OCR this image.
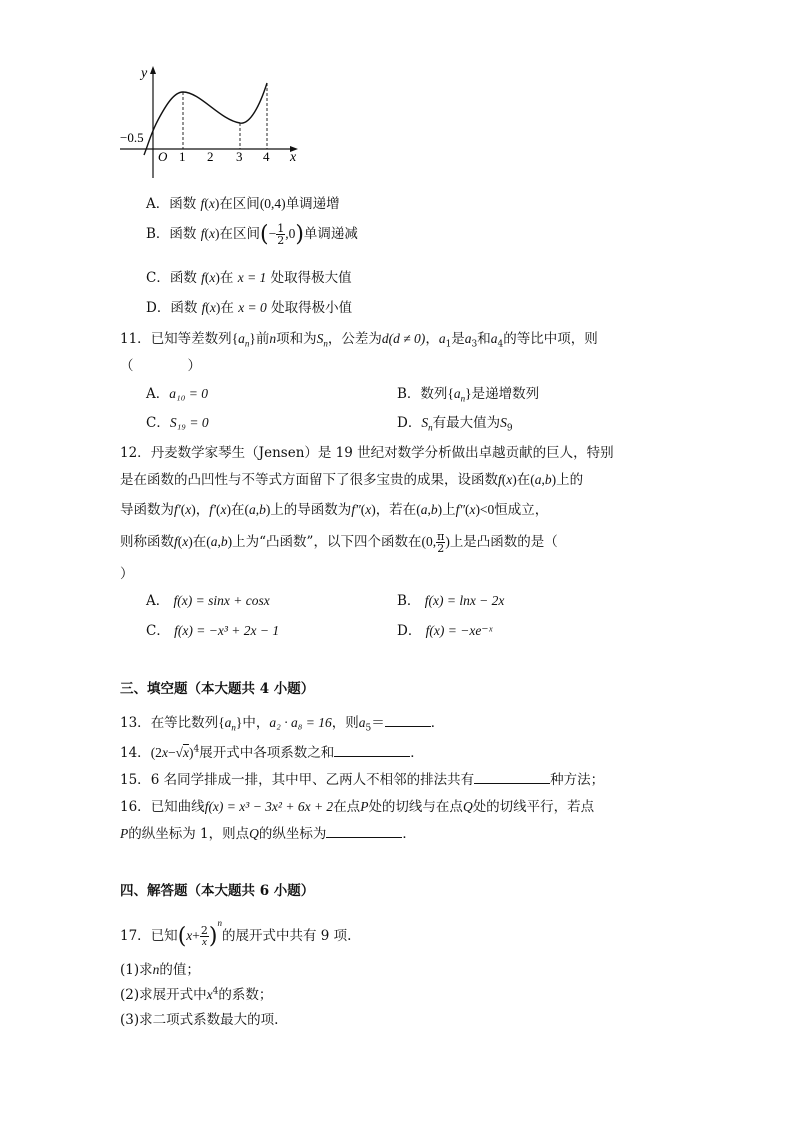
y
x
O
−0.5
1 2 3 4
A．函数 f(x)在区间(0,4)单调递增
B．函数 f(x)在区间(− $\frac{1}{2} ,0$)单调递减
C．函数 f(x)在 x = 1 处取得极大值
D．函数 f(x)在 x = 0 处取得极小值
11．已知等差数列$\{a_n\}$前n项和为$S_n$，公差为d(d ≠ 0)，$a_1$是$a_3$和$a_4$的等比中项，则
（　　　　）
A．a₁₀ = 0	B．数列$\{a_n\}$是递增数列
C．S₁₉ = 0	D．$S_n$有最大值为$S_9$
12．丹麦数学家琴生（Jensen）是 19 世纪对数学分析做出卓越贡献的巨人，特别
是在函数的凸凹性与不等式方面留下了很多宝贵的成果，设函数f(x)在(a,b)上的
导函数为f′(x)，f′(x)在(a,b)上的导函数为f″(x)，若在(a,b)上f″(x)<0恒成立，
则称函数f(x)在(a,b)上为“凸函数”，以下四个函数在(0, $\frac{\pi}{2}$ )上是凸函数的是（
）
A． f(x) = sinx + cosx	B． f(x) = lnx − 2x
C． f(x) = −x³ + 2x − 1	D． f(x) = −xe⁻ˣ
三、填空题（本大题共 4 小题）
13．在等比数列$\{a_n\}$中，a₂ · a₈ = 16，则$a_5=$	．
14．$(2x-√x)^4$展开式中各项系数之和	．
15．6 名同学排成一排，其中甲、乙两人不相邻的排法共有	种方法；
16．已知曲线f(x) = x³ − 3x² + 6x + 2在点P处的切线与在点Q处的切线平行，若点
P的纵坐标为 1，则点Q的纵坐标为	．
四、解答题（本大题共 6 小题）
17．已知$(x+ \frac{2}{x} )^n$的展开式中共有 9 项.
(1)求n的值；
(2)求展开式中$x^4$的系数；
(3)求二项式系数最大的项.
